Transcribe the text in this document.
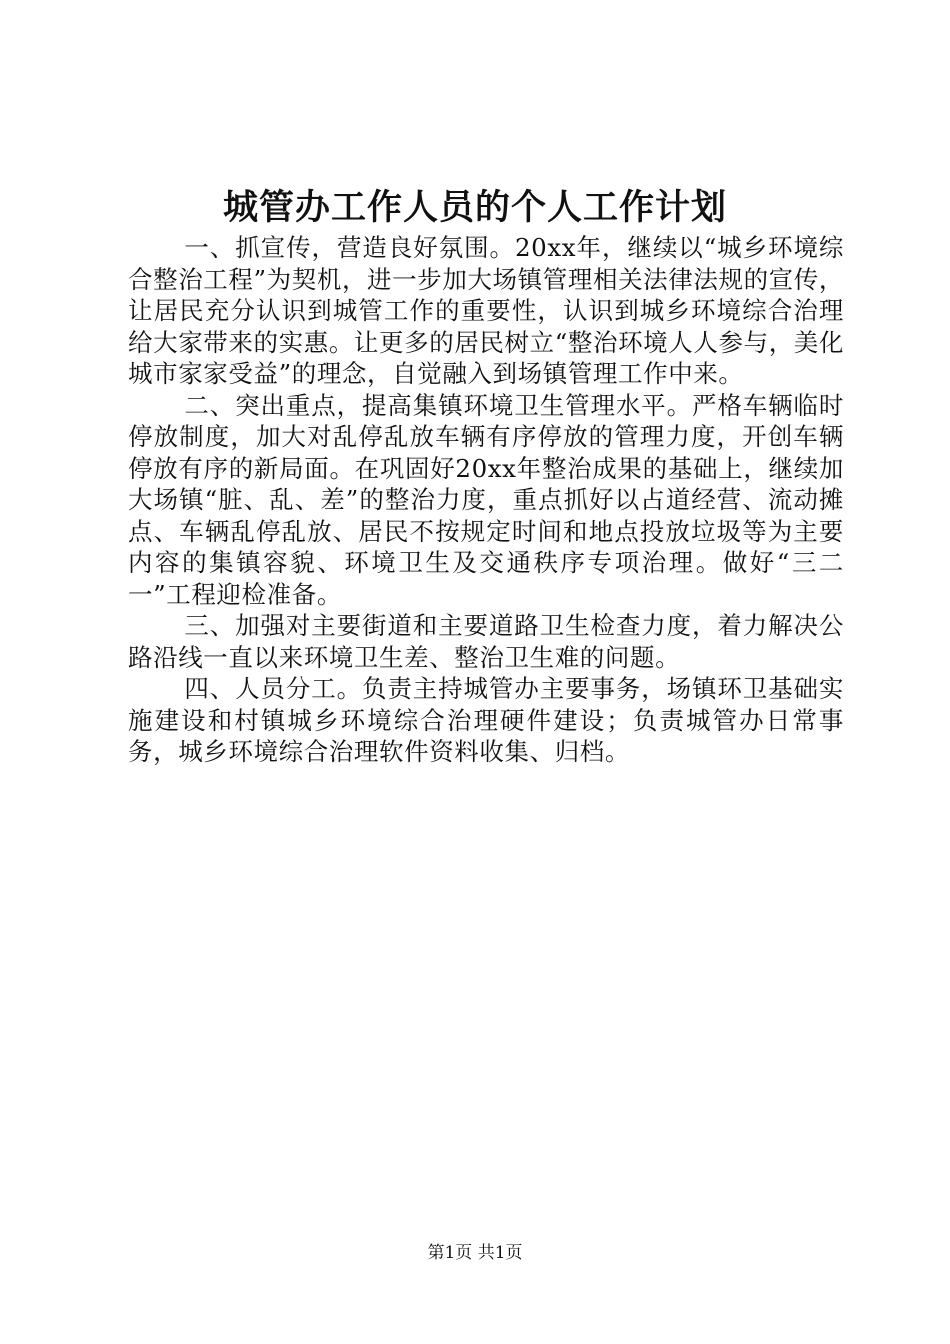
城管办工作人员的个人工作计划

一、抓宣传，营造良好氛围。20xx年，继续以“城乡环境综合整治工程”为契机，进一步加大场镇管理相关法律法规的宣传，让居民充分认识到城管工作的重要性，认识到城乡环境综合治理给大家带来的实惠。让更多的居民树立“整治环境人人参与，美化城市家家受益”的理念，自觉融入到场镇管理工作中来。

二、突出重点，提高集镇环境卫生管理水平。严格车辆临时停放制度，加大对乱停乱放车辆有序停放的管理力度，开创车辆停放有序的新局面。在巩固好20xx年整治成果的基础上，继续加大场镇“脏、乱、差”的整治力度，重点抓好以占道经营、流动摊点、车辆乱停乱放、居民不按规定时间和地点投放垃圾等为主要内容的集镇容貌、环境卫生及交通秩序专项治理。做好“三二一”工程迎检准备。

三、加强对主要街道和主要道路卫生检查力度，着力解决公路沿线一直以来环境卫生差、整治卫生难的问题。

四、人员分工。负责主持城管办主要事务，场镇环卫基础实施建设和村镇城乡环境综合治理硬件建设；负责城管办日常事务，城乡环境综合治理软件资料收集、归档。

第1页 共1页
